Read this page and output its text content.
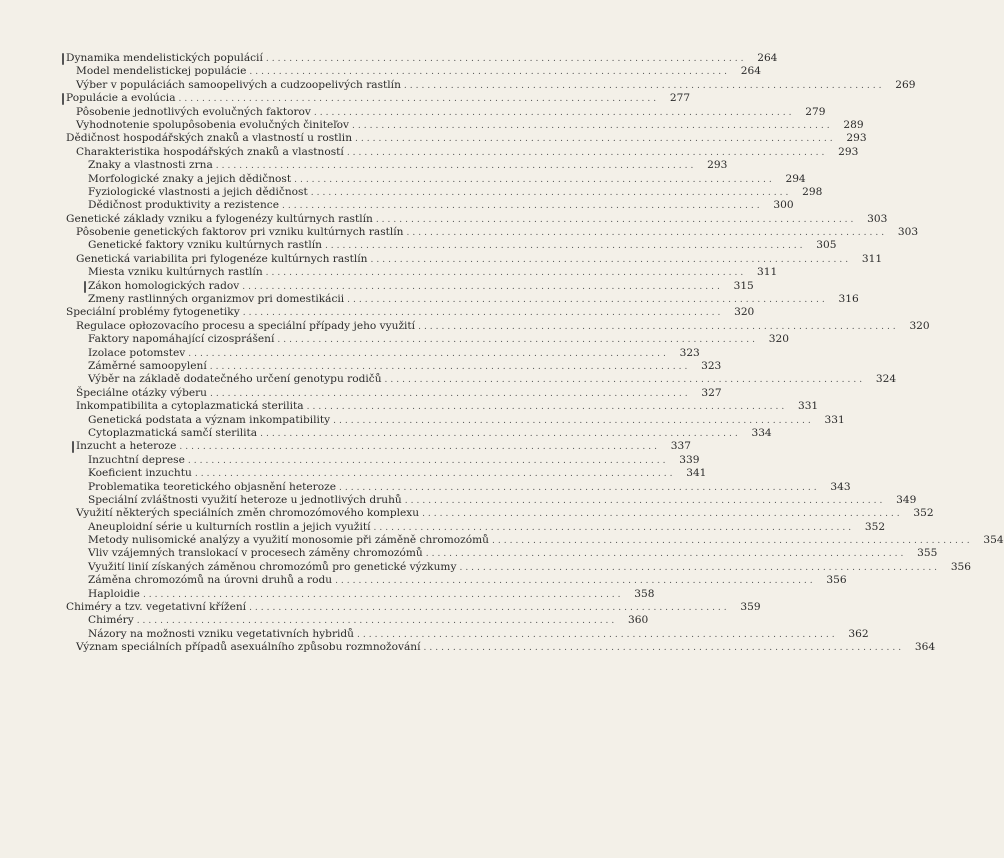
Dynamika mendelistických populácií ..................................................................................	264
Model mendelistickej populácie ..................................................................................	264
Výber v populáciách samoopelivých a cudzoopelivých rastlín ..................................................................................	269
Populácie a evolúcia ..................................................................................	277
Pôsobenie jednotlivých evolučných faktorov ..................................................................................	279
Vyhodnotenie spolupôsobenia evolučných činiteľov ..................................................................................	289
Dědičnost hospodářských znaků a vlastností u rostlin ..................................................................................	293
Charakteristika hospodářských znaků a vlastností ..................................................................................	293
Znaky a vlastnosti zrna ..................................................................................	293
Morfologické znaky a jejich dědičnost ..................................................................................	294
Fyziologické vlastnosti a jejich dědičnost ..................................................................................	298
Dědičnost produktivity a rezistence ..................................................................................	300
Genetické základy vzniku a fylogenézy kultúrnych rastlín ..................................................................................	303
Pôsobenie genetických faktorov pri vzniku kultúrnych rastlín ..................................................................................	303
Genetické faktory vzniku kultúrnych rastlín ..................................................................................	305
Genetická variabilita pri fylogenéze kultúrnych rastlín ..................................................................................	311
Miesta vzniku kultúrnych rastlín ..................................................................................	311
Zákon homologických radov ..................................................................................	315
Zmeny rastlinných organizmov pri domestikácii ..................................................................................	316
Speciální problémy fytogenetiky ..................................................................................	320
Regulace opłozovacího procesu a speciální případy jeho využití ..................................................................................	320
Faktory napomáhající cizosprášení ..................................................................................	320
Izolace potomstev ..................................................................................	323
Záměrné samoopylení ..................................................................................	323
Výběr na základě dodatečného určení genotypu rodičů ..................................................................................	324
Špeciálne otázky výberu ..................................................................................	327
Inkompatibilita a cytoplazmatická sterilita ..................................................................................	331
Genetická podstata a význam inkompatibility ..................................................................................	331
Cytoplazmatická samčí sterilita ..................................................................................	334
Inzucht a heteroze ..................................................................................	337
Inzuchtní deprese ..................................................................................	339
Koeficient inzuchtu ..................................................................................	341
Problematika teoretického objasnění heteroze ..................................................................................	343
Speciální zvláštnosti využití heteroze u jednotlivých druhů ..................................................................................	349
Využití některých speciálních změn chromozómového komplexu ..................................................................................	352
Aneuploidní série u kulturních rostlin a jejich využití ..................................................................................	352
Metody nulisomické analýzy a využití monosomie při záměně chromozómů ..................................................................................	354
Vliv vzájemných translokací v procesech záměny chromozómů ..................................................................................	355
Využití linií získaných záměnou chromozómů pro genetické výzkumy ..................................................................................	356
Záměna chromozómů na úrovni druhů a rodu ..................................................................................	356
Haploidie ..................................................................................	358
Chiméry a tzv. vegetativní křížení ..................................................................................	359
Chiméry ..................................................................................	360
Názory na možnosti vzniku vegetativních hybridů ..................................................................................	362
Význam speciálních případů asexuálního způsobu rozmnožování ..................................................................................	364
